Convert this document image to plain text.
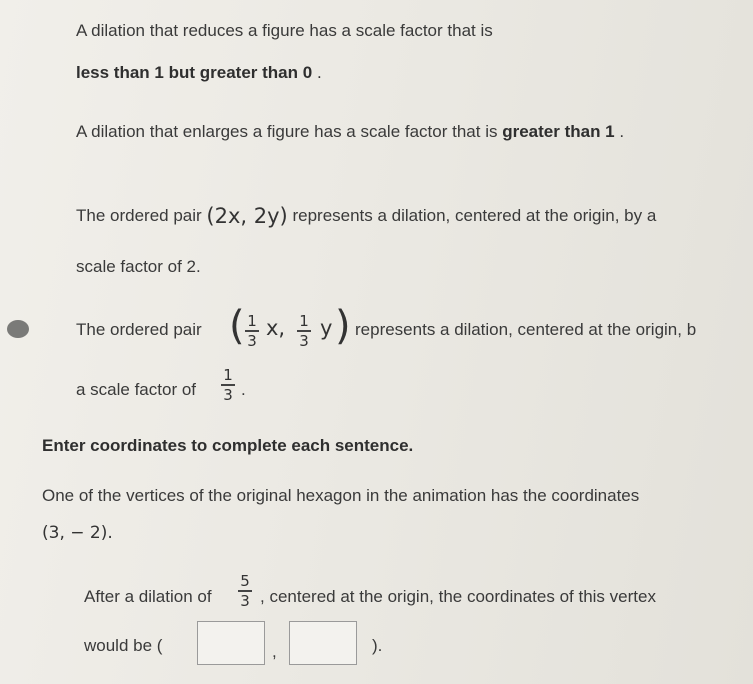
A dilation that reduces a figure has a scale factor that is
less than 1 but greater than 0 .
A dilation that enlarges a figure has a scale factor that is greater than 1 .
The ordered pair (2x, 2y) represents a dilation, centered at the origin, by a
scale factor of 2.
The ordered pair ( 1
3
x, 1
3
y ) represents a dilation, centered at the origin, b
a scale factor of
1
3 .
Enter coordinates to complete each sentence.
One of the vertices of the original hexagon in the animation has the coordinates
(3, − 2).
After a dilation of
5
3 , centered at the origin, the coordinates of this vertex
would be (	,	).
